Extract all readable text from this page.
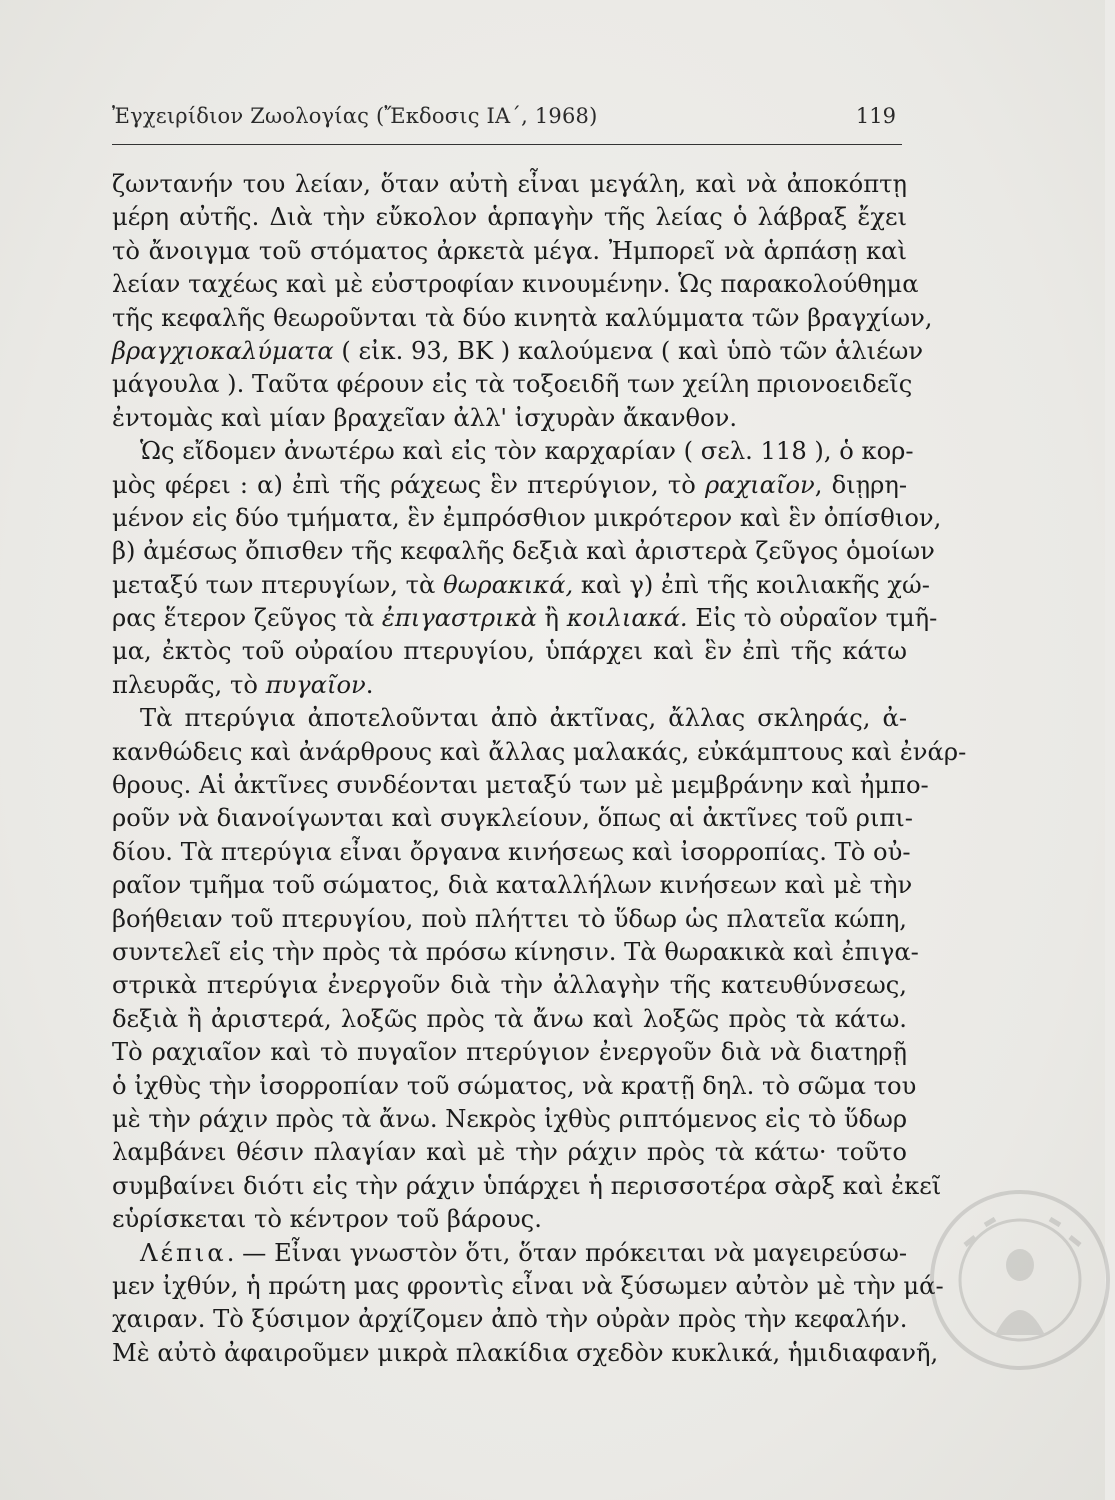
Ἐγχειρίδιον Ζωολογίας (Ἔκδοσις ΙΑ΄, 1968)	119
ζωντανήν του λείαν, ὅταν αὐτὴ εἶναι μεγάλη, καὶ νὰ ἀποκόπτῃ
μέρη αὐτῆς. Διὰ τὴν εὔκολον ἁρπαγὴν τῆς λείας ὁ λάβραξ ἔχει
τὸ ἄνοιγμα τοῦ στόματος ἀρκετὰ μέγα. Ἠμπορεῖ νὰ ἁρπάσῃ καὶ
λείαν ταχέως καὶ μὲ εὐστροφίαν κινουμένην. Ὡς παρακολούθημα
τῆς κεφαλῆς θεωροῦνται τὰ δύο κινητὰ καλύμματα τῶν βραγχίων,
βραγχιοκαλύματα ( εἰκ. 93, ΒΚ ) καλούμενα ( καὶ ὑπὸ τῶν ἁλιέων
μάγουλα ). Ταῦτα φέρουν εἰς τὰ τοξοειδῆ των χείλη πριονοειδεῖς
ἐντομὰς καὶ μίαν βραχεῖαν ἀλλ' ἰσχυρὰν ἄκανθον.
Ὡς εἴδομεν ἀνωτέρω καὶ εἰς τὸν καρχαρίαν ( σελ. 118 ), ὁ κορ-
μὸς φέρει : α) ἐπὶ τῆς ράχεως ἓν πτερύγιον, τὸ ραχιαῖον, διῃρη-
μένον εἰς δύο τμήματα, ἓν ἐμπρόσθιον μικρότερον καὶ ἓν ὀπίσθιον,
β) ἀμέσως ὄπισθεν τῆς κεφαλῆς δεξιὰ καὶ ἀριστερὰ ζεῦγος ὁμοίων
μεταξύ των πτερυγίων, τὰ θωρακικά, καὶ γ) ἐπὶ τῆς κοιλιακῆς χώ-
ρας ἕτερον ζεῦγος τὰ ἐπιγαστρικὰ ἢ κοιλιακά. Εἰς τὸ οὐραῖον τμῆ-
μα, ἐκτὸς τοῦ οὐραίου πτερυγίου, ὑπάρχει καὶ ἓν ἐπὶ τῆς κάτω
πλευρᾶς, τὸ πυγαῖον.
Τὰ πτερύγια ἀποτελοῦνται ἀπὸ ἀκτῖνας, ἄλλας σκληράς, ἀ-
κανθώδεις καὶ ἀνάρθρους καὶ ἄλλας μαλακάς, εὐκάμπτους καὶ ἐνάρ-
θρους. Αἱ ἀκτῖνες συνδέονται μεταξύ των μὲ μεμβράνην καὶ ἠμπο-
ροῦν νὰ διανοίγωνται καὶ συγκλείουν, ὅπως αἱ ἀκτῖνες τοῦ ριπι-
δίου. Τὰ πτερύγια εἶναι ὄργανα κινήσεως καὶ ἰσορροπίας. Τὸ οὐ-
ραῖον τμῆμα τοῦ σώματος, διὰ καταλλήλων κινήσεων καὶ μὲ τὴν
βοήθειαν τοῦ πτερυγίου, ποὺ πλήττει τὸ ὕδωρ ὡς πλατεῖα κώπη,
συντελεῖ εἰς τὴν πρὸς τὰ πρόσω κίνησιν. Τὰ θωρακικὰ καὶ ἐπιγα-
στρικὰ πτερύγια ἐνεργοῦν διὰ τὴν ἀλλαγὴν τῆς κατευθύνσεως,
δεξιὰ ἢ ἀριστερά, λοξῶς πρὸς τὰ ἄνω καὶ λοξῶς πρὸς τὰ κάτω.
Τὸ ραχιαῖον καὶ τὸ πυγαῖον πτερύγιον ἐνεργοῦν διὰ νὰ διατηρῇ
ὁ ἰχθὺς τὴν ἰσορροπίαν τοῦ σώματος, νὰ κρατῇ δηλ. τὸ σῶμα του
μὲ τὴν ράχιν πρὸς τὰ ἄνω. Νεκρὸς ἰχθὺς ριπτόμενος εἰς τὸ ὕδωρ
λαμβάνει θέσιν πλαγίαν καὶ μὲ τὴν ράχιν πρὸς τὰ κάτω· τοῦτο
συμβαίνει διότι εἰς τὴν ράχιν ὑπάρχει ἡ περισσοτέρα σὰρξ καὶ ἐκεῖ
εὑρίσκεται τὸ κέντρον τοῦ βάρους.
Λέπια. — Εἶναι γνωστὸν ὅτι, ὅταν πρόκειται νὰ μαγειρεύσω-
μεν ἰχθύν, ἡ πρώτη μας φροντὶς εἶναι νὰ ξύσωμεν αὐτὸν μὲ τὴν μά-
χαιραν. Τὸ ξύσιμον ἀρχίζομεν ἀπὸ τὴν οὐρὰν πρὸς τὴν κεφαλήν.
Μὲ αὐτὸ ἀφαιροῦμεν μικρὰ πλακίδια σχεδὸν κυκλικά, ἡμιδιαφανῆ,
